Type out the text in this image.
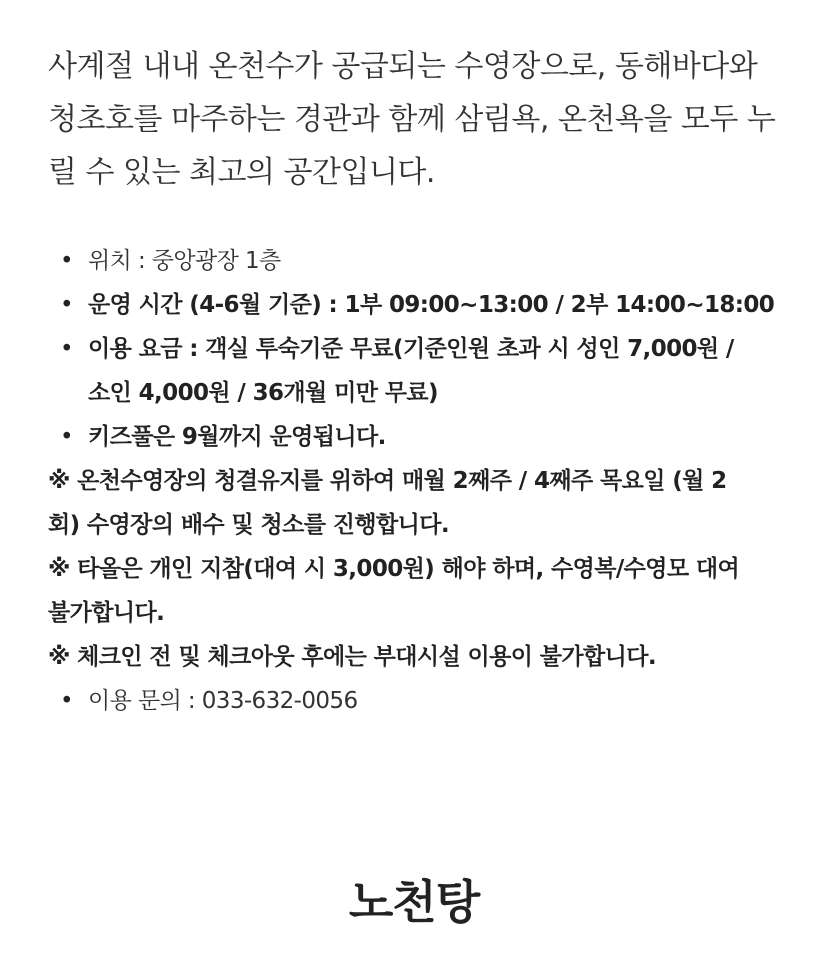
사계절 내내 온천수가 공급되는 수영장으로, 동해바다와
청초호를 마주하는 경관과 함께 삼림욕, 온천욕을 모두 누
릴 수 있는 최고의 공간입니다.

• 위치 : 중앙광장 1층
• 운영 시간 (4-6월 기준) : 1부 09:00~13:00 / 2부 14:00~18:00
• 이용 요금 : 객실 투숙기준 무료(기준인원 초과 시 성인 7,000원 /
소인 4,000원 / 36개월 미만 무료)
• 키즈풀은 9월까지 운영됩니다.
※ 온천수영장의 청결유지를 위하여 매월 2째주 / 4째주 목요일 (월 2
회) 수영장의 배수 및 청소를 진행합니다.
※ 타올은 개인 지참(대여 시 3,000원) 해야 하며, 수영복/수영모 대여
불가합니다.
※ 체크인 전 및 체크아웃 후에는 부대시설 이용이 불가합니다.
• 이용 문의 : 033-632-0056
노천탕
